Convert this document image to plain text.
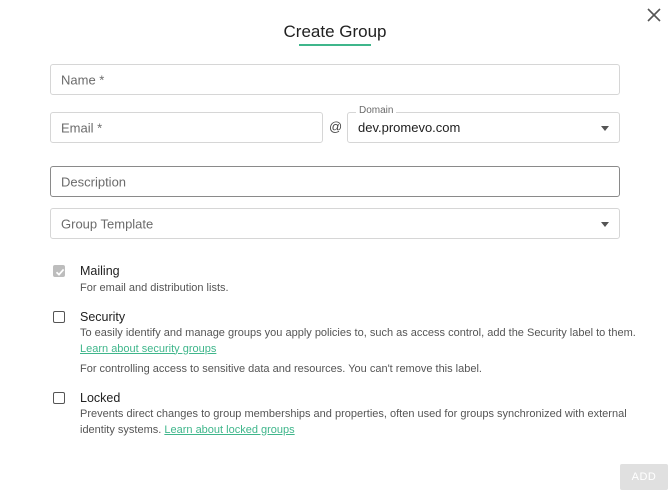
Create Group
Name *
Email *	@
Domain
dev.promevo.com
Description
Group Template
Mailing
For email and distribution lists.
Security
To easily identify and manage groups you apply policies to, such as access control, add the Security label to them. Learn about security groups
For controlling access to sensitive data and resources. You can't remove this label.
Locked
Prevents direct changes to group memberships and properties, often used for groups synchronized with external identity systems. Learn about locked groups
ADD
